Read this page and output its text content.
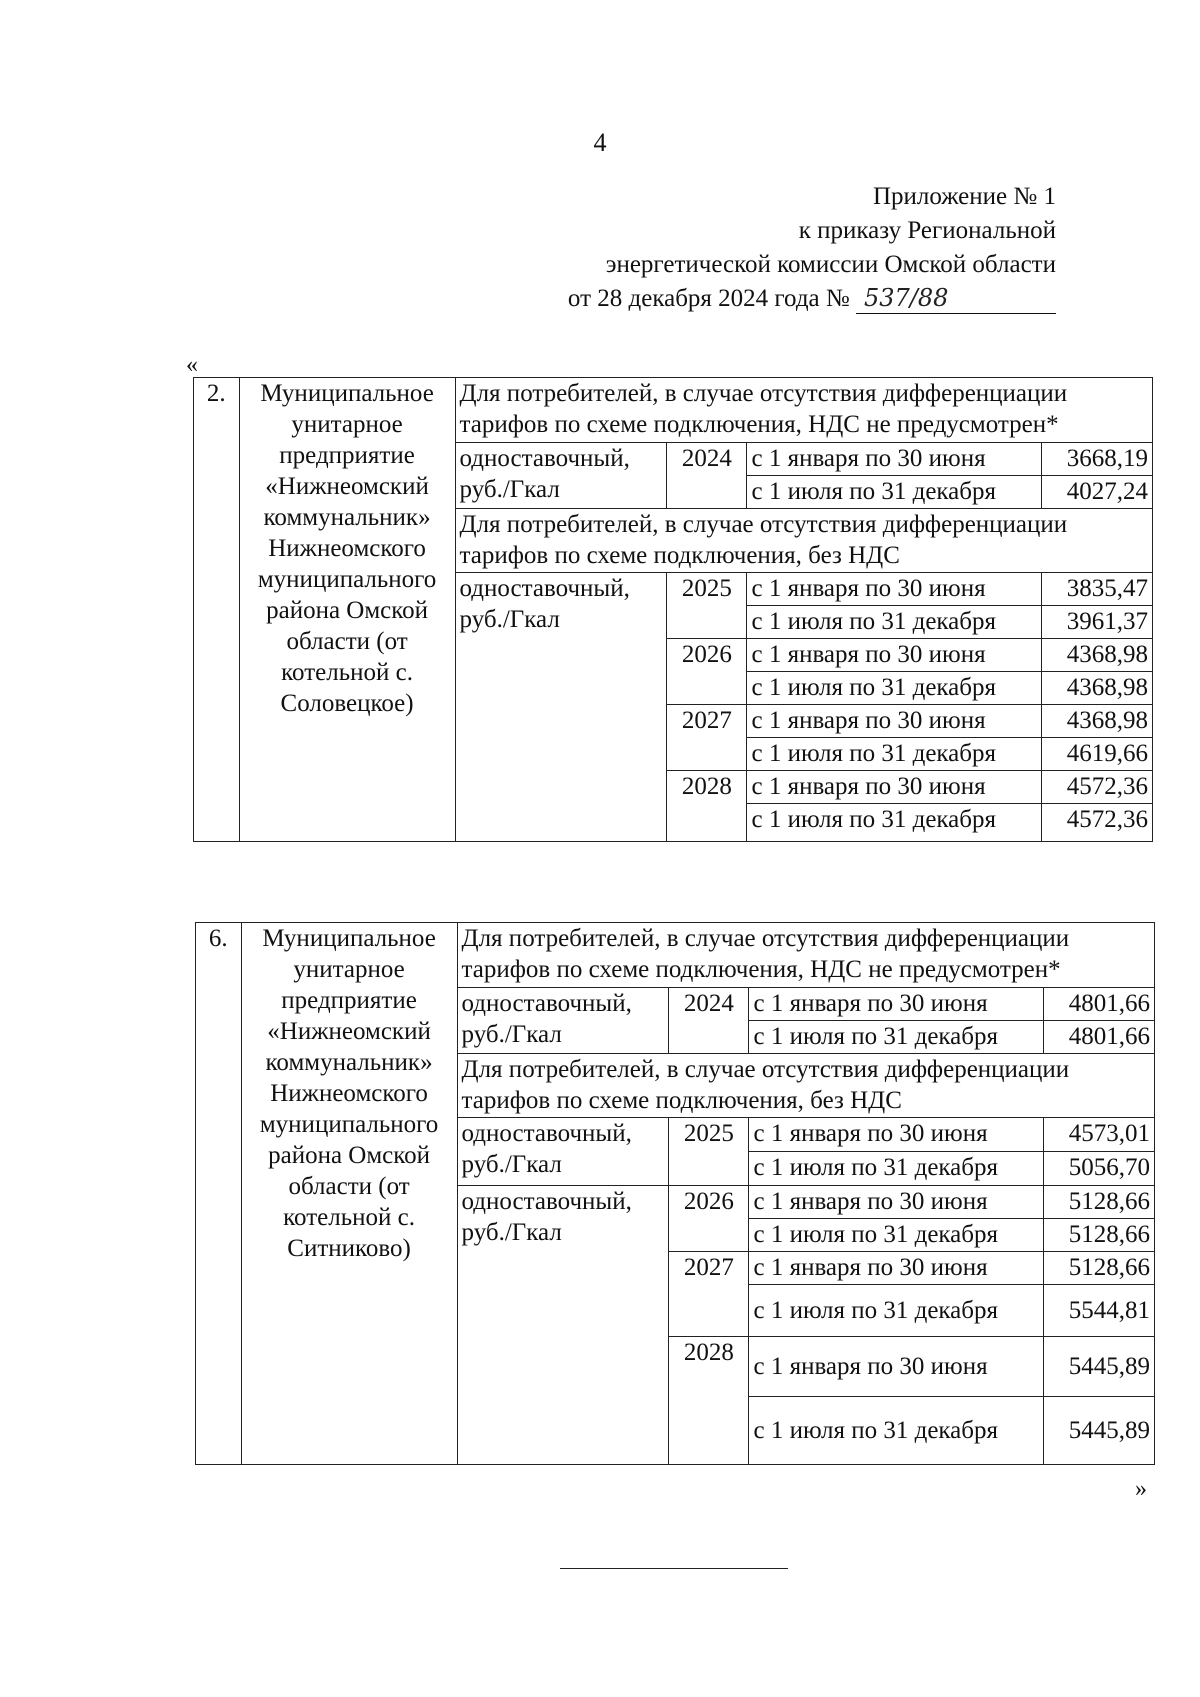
4
Приложение № 1
к приказу Региональной
энергетической комиссии Омской области
от 28 декабря 2024 года № 537/88
«
2.	Муниципальное унитарное предприятие «Нижнеомский коммунальник» Нижнеомского муниципального района Омской области (от котельной с. Соловецкое)	Для потребителей, в случае отсутствия дифференциации тарифов по схеме подключения, НДС не предусмотрен*			
		одноставочный, руб./Гкал	2024	с 1 января по 30 июня	3668,19
				с 1 июля по 31 декабря	4027,24
		Для потребителей, в случае отсутствия дифференциации тарифов по схеме подключения, без НДС			
		одноставочный, руб./Гкал	2025	с 1 января по 30 июня	3835,47
				с 1 июля по 31 декабря	3961,37
			2026	с 1 января по 30 июня	4368,98
				с 1 июля по 31 декабря	4368,98
			2027	с 1 января по 30 июня	4368,98
				с 1 июля по 31 декабря	4619,66
			2028	с 1 января по 30 июня	4572,36
				с 1 июля по 31 декабря	4572,36
6.	Муниципальное унитарное предприятие «Нижнеомский коммунальник» Нижнеомского муниципального района Омской области (от котельной с. Ситниково)	Для потребителей, в случае отсутствия дифференциации тарифов по схеме подключения, НДС не предусмотрен*			
		одноставочный, руб./Гкал	2024	с 1 января по 30 июня	4801,66
				с 1 июля по 31 декабря	4801,66
		Для потребителей, в случае отсутствия дифференциации тарифов по схеме подключения, без НДС			
		одноставочный, руб./Гкал	2025	с 1 января по 30 июня	4573,01
				с 1 июля по 31 декабря	5056,70
		одноставочный, руб./Гкал	2026	с 1 января по 30 июня	5128,66
				с 1 июля по 31 декабря	5128,66
			2027	с 1 января по 30 июня	5128,66
				с 1 июля по 31 декабря	5544,81
			2028	с 1 января по 30 июня	5445,89
				с 1 июля по 31 декабря	5445,89
»
